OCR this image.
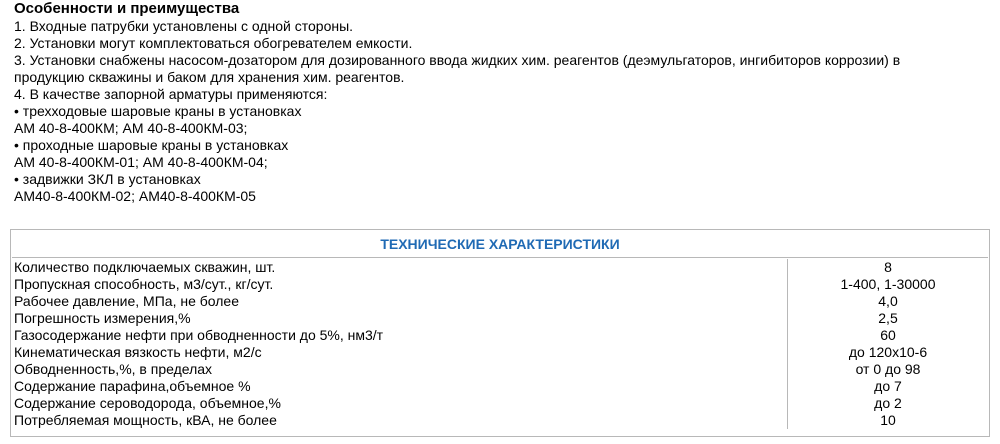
Особенности и преимущества

1. Входные патрубки установлены с одной стороны.

2. Установки могут комплектоваться обогревателем емкости.

3. Установки снабжены насосом-дозатором для дозированного ввода жидких хим. реагентов (деэмульгаторов, ингибиторов коррозии) в

продукцию скважины и баком для хранения хим. реагентов.

4. В качестве запорной арматуры применяются:

• трехходовые шаровые краны в установках

АМ 40-8-400КМ; АМ 40-8-400КМ-03;

• проходные шаровые краны в установках

АМ 40-8-400КМ-01; АМ 40-8-400КМ-04;

• задвижки ЗКЛ в установках

АМ40-8-400КМ-02; АМ40-8-400КМ-05

ТЕХНИЧЕСКИЕ ХАРАКТЕРИСТИКИ
Количество подключаемых скважин, шт.	8
Пропускная способность, м3/сут., кг/сут.	1-400, 1-30000
Рабочее давление, МПа, не более	4,0
Погрешность измерения,%	2,5
Газосодержание нефти при обводненности до 5%, нм3/т	60
Кинематическая вязкость нефти, м2/с	до 120х10-6
Обводненность,%, в пределах	от 0 до 98
Содержание парафина,объемное %	до 7
Содержание сероводорода, объемное,%	до 2
Потребляемая мощность, кВА, не более	10
